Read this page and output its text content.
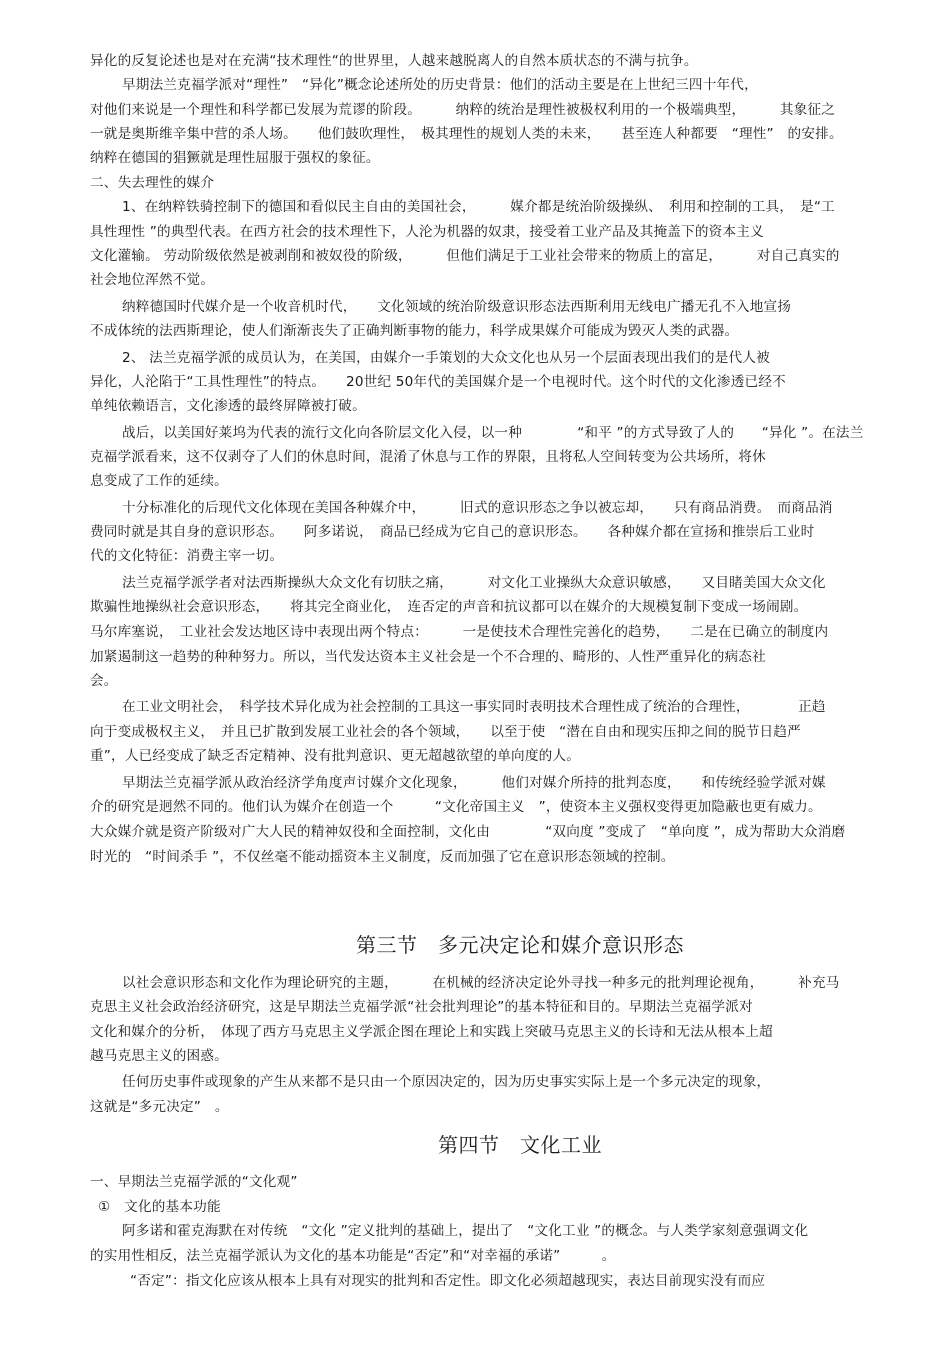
异化的反复论述也是对在充满“技术理性“的世界里，人越来越脱离人的自然本质状态的不满与抗争。
早期法兰克福学派对“理性”　“异化”概念论述所处的历史背景：他们的活动主要是在上世纪三四十年代，
对他们来说是一个理性和科学都已发展为荒谬的阶段。　　　纳粹的统治是理性被极权利用的一个极端典型，　　　其象征之
一就是奥斯维辛集中营的杀人场。　　他们鼓吹理性，　极其理性的规划人类的未来，　　甚至连人种都要　“理性”　的安排。
纳粹在德国的猖獗就是理性屈服于强权的象征。
二、失去理性的媒介
1、在纳粹铁骑控制下的德国和看似民主自由的美国社会，　　　媒介都是统治阶级操纵、　利用和控制的工具，　是“工
具性理性 ”的典型代表。在西方社会的技术理性下，人沦为机器的奴隶，接受着工业产品及其掩盖下的资本主义
文化灌输。 劳动阶级依然是被剥削和被奴役的阶级，　　　但他们满足于工业社会带来的物质上的富足，　　　对自己真实的
社会地位浑然不觉。
纳粹德国时代媒介是一个收音机时代，　　文化领域的统治阶级意识形态法西斯利用无线电广播无孔不入地宣扬
不成体统的法西斯理论，使人们渐渐丧失了正确判断事物的能力，科学成果媒介可能成为毁灭人类的武器。
2、 法兰克福学派的成员认为，在美国，由媒介一手策划的大众文化也从另一个层面表现出我们的是代人被
异化，人沦陷于“工具性理性”的特点。　　20世纪 50年代的美国媒介是一个电视时代。这个时代的文化渗透已经不
单纯依赖语言，文化渗透的最终屏障被打破。
战后，以美国好莱坞为代表的流行文化向各阶层文化入侵，以一种　　　　“和平 ”的方式导致了人的　　“异化 ”。在法兰
克福学派看来，这不仅剥夺了人们的休息时间，混淆了休息与工作的界限，且将私人空间转变为公共场所，将休
息变成了工作的延续。
十分标准化的后现代文化体现在美国各种媒介中，　　　旧式的意识形态之争以被忘却，　　只有商品消费。　而商品消
费同时就是其自身的意识形态。　　阿多诺说，　商品已经成为它自己的意识形态。　　各种媒介都在宣扬和推崇后工业时
代的文化特征：消费主宰一切。
法兰克福学派学者对法西斯操纵大众文化有切肤之痛，　　　对文化工业操纵大众意识敏感，　　又目睹美国大众文化
欺骗性地操纵社会意识形态，　　将其完全商业化，　连否定的声音和抗议都可以在媒介的大规模复制下变成一场闹剧。
马尔库塞说，　工业社会发达地区诗中表现出两个特点：　　　一是使技术合理性完善化的趋势，　　二是在已确立的制度内
加紧遏制这一趋势的种种努力。所以，当代发达资本主义社会是一个不合理的、畸形的、人性严重异化的病态社
会。
在工业文明社会，　科学技术异化成为社会控制的工具这一事实同时表明技术合理性成了统治的合理性，　　　　正趋
向于变成极权主义，　并且已扩散到发展工业社会的各个领域，　　以至于使　“潜在自由和现实压抑之间的脱节日趋严
重”，人已经变成了缺乏否定精神、没有批判意识、更无超越欲望的单向度的人。
早期法兰克福学派从政治经济学角度声讨媒介文化现象，　　　他们对媒介所持的批判态度，　　和传统经验学派对媒
介的研究是迥然不同的。他们认为媒介在创造一个　　　“文化帝国主义　”，使资本主义强权变得更加隐蔽也更有威力。
大众媒介就是资产阶级对广大人民的精神奴役和全面控制，文化由　　　　“双向度 ”变成了　“单向度 ”，成为帮助大众消磨
时光的　“时间杀手 ”，不仅丝毫不能动摇资本主义制度，反而加强了它在意识形态领域的控制。
第三节　多元决定论和媒介意识形态
以社会意识形态和文化作为理论研究的主题，　　　在机械的经济决定论外寻找一种多元的批判理论视角，　　　补充马
克思主义社会政治经济研究，这是早期法兰克福学派“社会批判理论”的基本特征和目的。早期法兰克福学派对
文化和媒介的分析，　体现了西方马克思主义学派企图在理论上和实践上突破马克思主义的长诗和无法从根本上超
越马克思主义的困惑。
任何历史事件或现象的产生从来都不是只由一个原因决定的，因为历史事实实际上是一个多元决定的现象，
这就是“多元决定”　。
第四节　文化工业
一、早期法兰克福学派的“文化观”
①　文化的基本功能
阿多诺和霍克海默在对传统　“文化 ”定义批判的基础上，提出了　“文化工业 ”的概念。与人类学家刻意强调文化
的实用性相反，法兰克福学派认为文化的基本功能是“否定”和“对幸福的承诺”　　　。
“否定”：指文化应该从根本上具有对现实的批判和否定性。即文化必须超越现实，表达目前现实没有而应
